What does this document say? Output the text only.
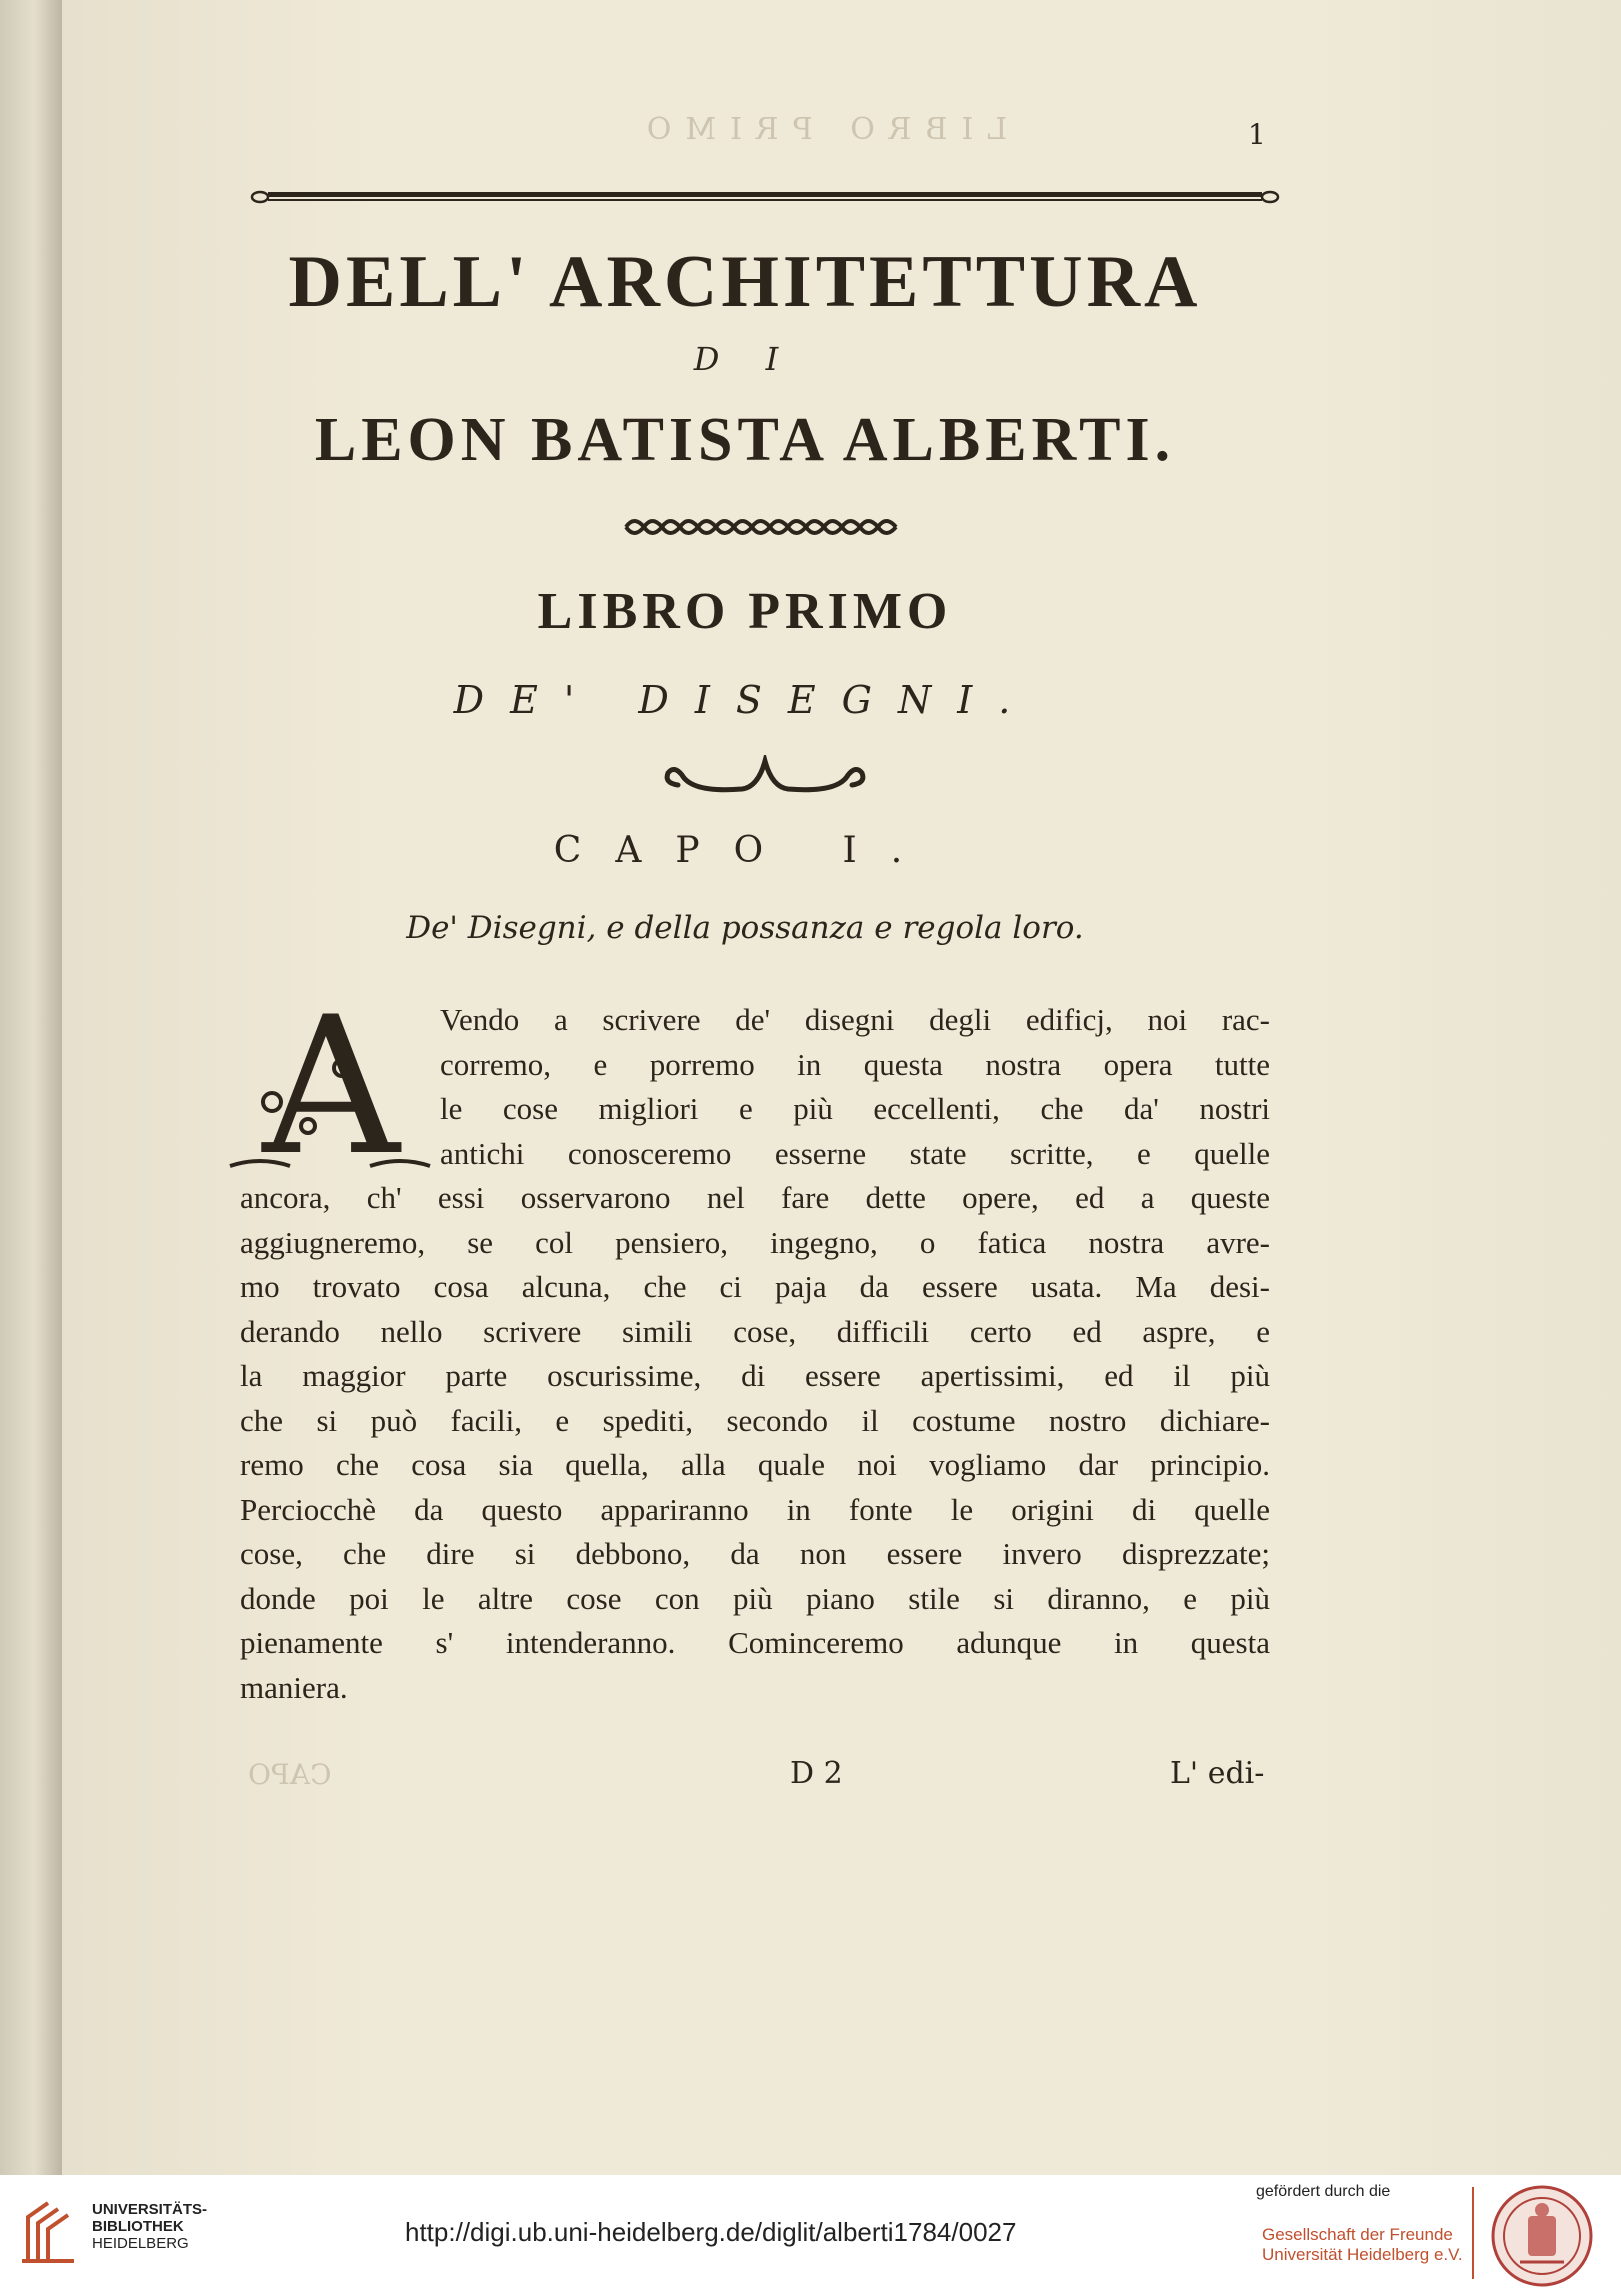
LIBRO PRIMO	1
DELL' ARCHITETTURA
D I
LEON BATISTA ALBERTI.
LIBRO PRIMO
DE' DISEGNI.
CAPO I.
De' Disegni, e della possanza e regola loro.
A	Vendo a scrivere de' disegni degli edificj, noi rac-
corremo, e porremo in questa nostra opera tutte
le cose migliori e più eccellenti, che da' nostri
antichi conosceremo esserne state scritte, e quelle
ancora, ch' essi osservarono nel fare dette opere, ed a queste
aggiugneremo, se col pensiero, ingegno, o fatica nostra avre-
mo trovato cosa alcuna, che ci paja da essere usata. Ma desi-
derando nello scrivere simili cose, difficili certo ed aspre, e
la maggior parte oscurissime, di essere apertissimi, ed il più
che si può facili, e spediti, secondo il costume nostro dichiare-
remo che cosa sia quella, alla quale noi vogliamo dar principio.
Perciocchè da questo appariranno in fonte le origini di quelle
cose, che dire si debbono, da non essere invero disprezzate;
donde poi le altre cose con più piano stile si diranno, e più
pienamente s' intenderanno. Cominceremo adunque in questa
maniera.
CAPO	D 2	L' edi-
UNIVERSITÄTS-
BIBLIOTHEK
HEIDELBERG	http://digi.ub.uni-heidelberg.de/diglit/alberti1784/0027
gefördert durch die
Gesellschaft der Freunde
Universität Heidelberg e.V.
